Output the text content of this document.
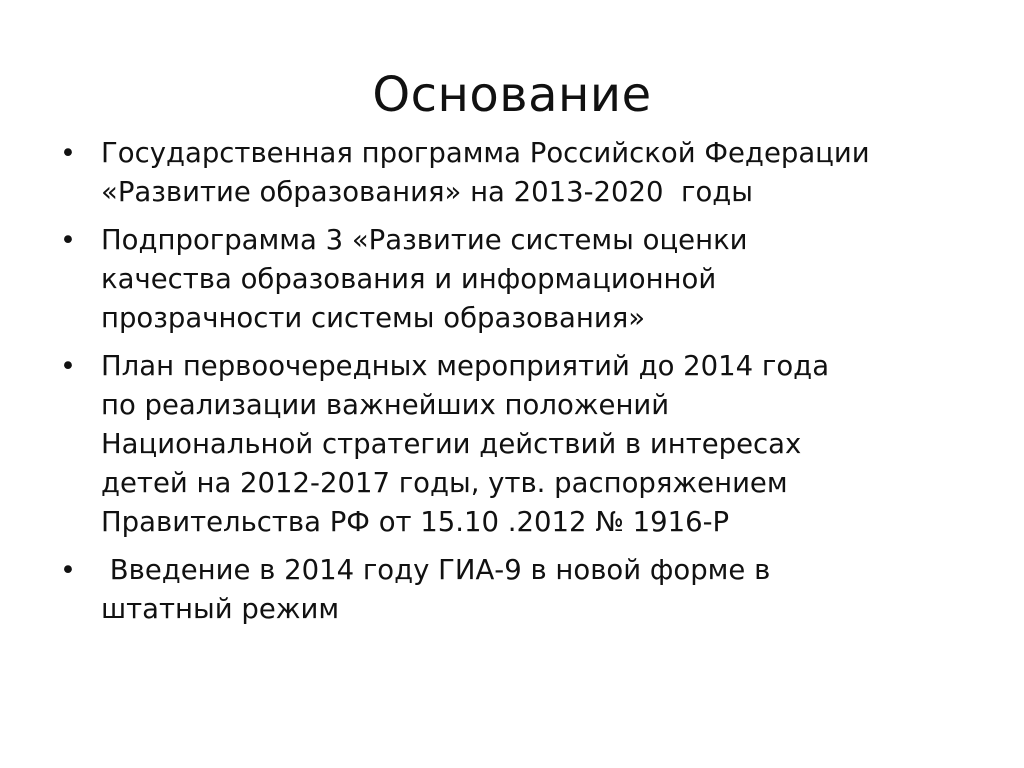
Основание
• Государственная программа Российской Федерации
«Развитие образования» на 2013-2020  годы
• Подпрограмма 3 «Развитие системы оценки
качества образования и информационной
прозрачности системы образования»
• План первоочередных мероприятий до 2014 года
по реализации важнейших положений
Национальной стратегии действий в интересах
детей на 2012-2017 годы, утв. распоряжением
Правительства РФ от 15.10 .2012 № 1916-Р
• Введение в 2014 году ГИА-9 в новой форме в
штатный режим
